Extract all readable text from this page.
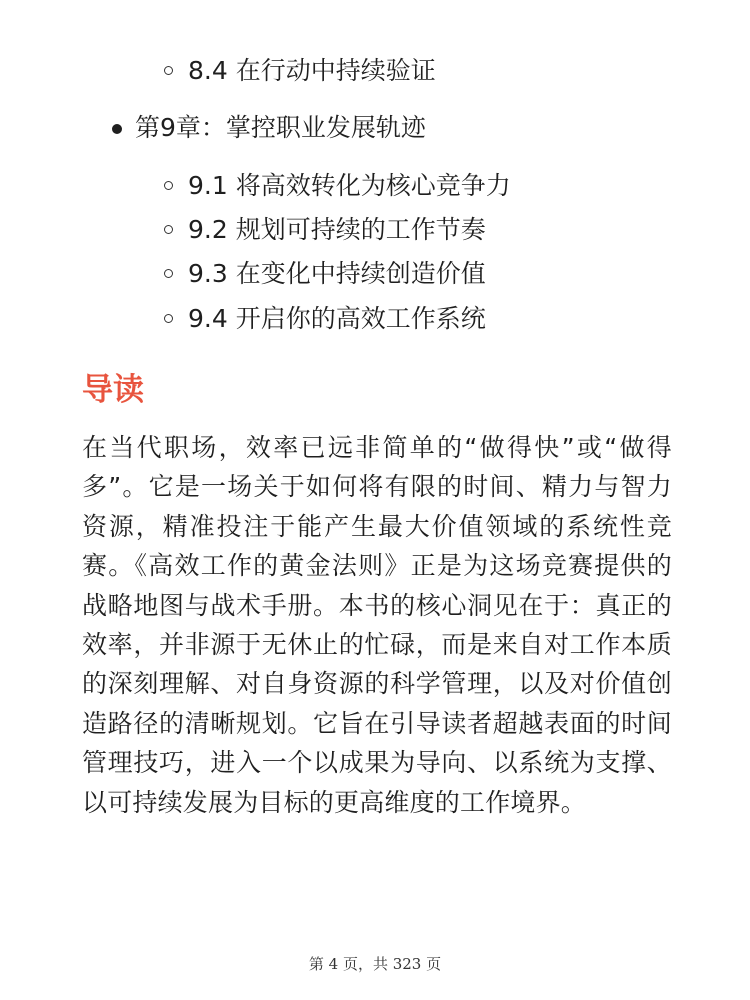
8.4 在行动中持续验证
第9章：掌控职业发展轨迹
9.1 将高效转化为核心竞争力
9.2 规划可持续的工作节奏
9.3 在变化中持续创造价值
9.4 开启你的高效工作系统
导读

在当代职场，效率已远非简单的“做得快”或“做得多”。它是一场关于如何将有限的时间、精力与智力资源，精准投注于能产生最大价值领域的系统性竞赛。《高效工作的黄金法则》正是为这场竞赛提供的战略地图与战术手册。本书的核心洞见在于：真正的效率，并非源于无休止的忙碌，而是来自对工作本质的深刻理解、对自身资源的科学管理，以及对价值创造路径的清晰规划。它旨在引导读者超越表面的时间管理技巧，进入一个以成果为导向、以系统为支撑、以可持续发展为目标的更高维度的工作境界。

第 4 页，共 323 页
